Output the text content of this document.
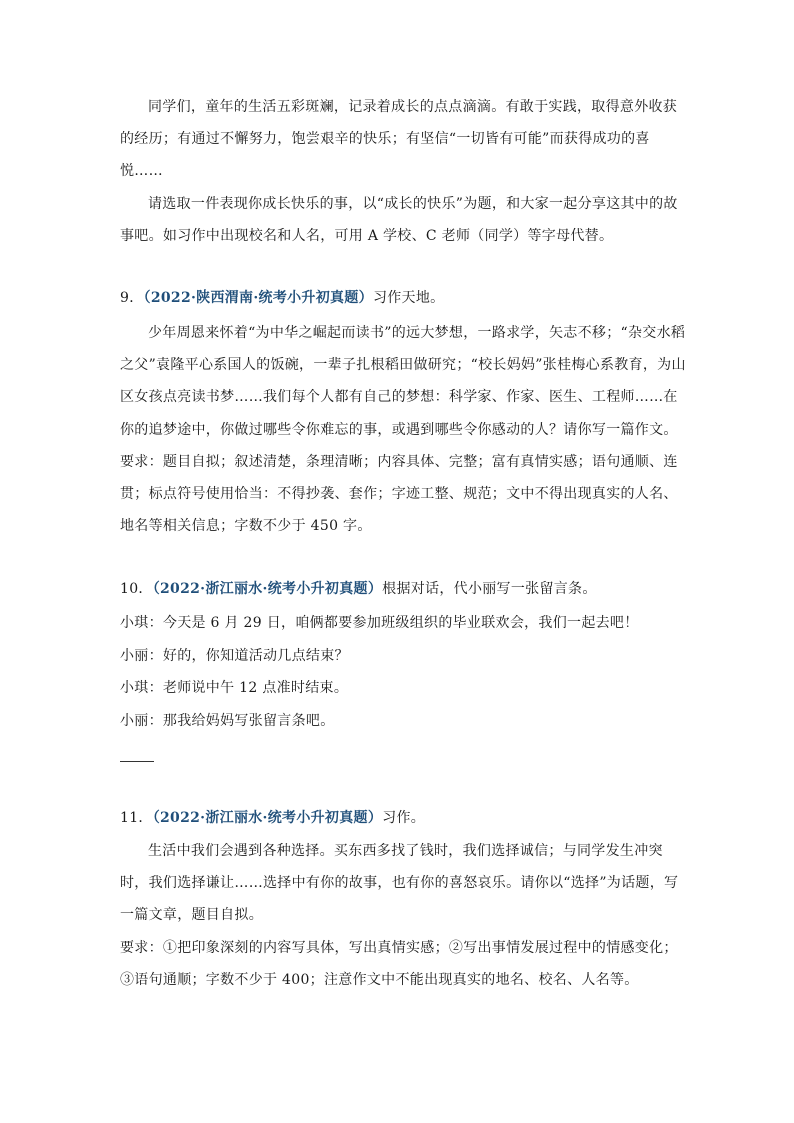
同学们，童年的生活五彩斑斓，记录着成长的点点滴滴。有敢于实践，取得意外收获
的经历；有通过不懈努力，饱尝艰辛的快乐；有坚信“一切皆有可能”而获得成功的喜
悦……
请选取一件表现你成长快乐的事，以“成长的快乐”为题，和大家一起分享这其中的故
事吧。如习作中出现校名和人名，可用 A 学校、C 老师（同学）等字母代替。
9．（2022·陕西渭南·统考小升初真题）习作天地。
少年周恩来怀着“为中华之崛起而读书”的远大梦想，一路求学，矢志不移；“杂交水稻
之父”袁隆平心系国人的饭碗，一辈子扎根稻田做研究；“校长妈妈”张桂梅心系教育，为山
区女孩点亮读书梦……我们每个人都有自己的梦想：科学家、作家、医生、工程师……在
你的追梦途中，你做过哪些令你难忘的事，或遇到哪些令你感动的人？请你写一篇作文。
要求：题目自拟；叙述清楚，条理清晰；内容具体、完整；富有真情实感；语句通顺、连
贯；标点符号使用恰当：不得抄袭、套作；字迹工整、规范；文中不得出现真实的人名、
地名等相关信息；字数不少于 450 字。
10．（2022·浙江丽水·统考小升初真题）根据对话，代小丽写一张留言条。
小琪：今天是 6 月 29 日，咱俩都要参加班级组织的毕业联欢会，我们一起去吧！
小丽：好的，你知道活动几点结束？
小琪：老师说中午 12 点准时结束。
小丽：那我给妈妈写张留言条吧。
11．（2022·浙江丽水·统考小升初真题）习作。
生活中我们会遇到各种选择。买东西多找了钱时，我们选择诚信；与同学发生冲突
时，我们选择谦让……选择中有你的故事，也有你的喜怒哀乐。请你以“选择”为话题，写
一篇文章，题目自拟。
要求：①把印象深刻的内容写具体，写出真情实感；②写出事情发展过程中的情感变化；
③语句通顺；字数不少于 400；注意作文中不能出现真实的地名、校名、人名等。
